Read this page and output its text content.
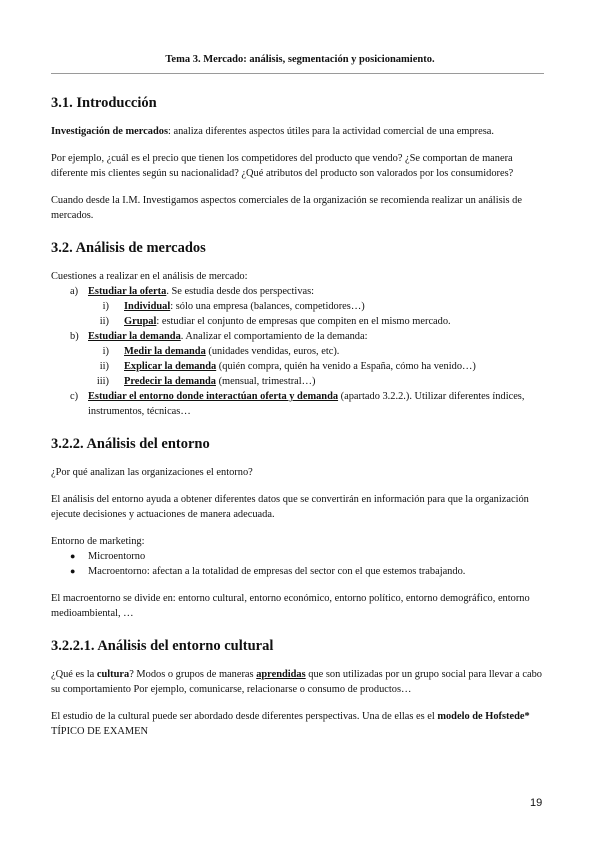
Tema 3. Mercado: análisis, segmentación y posicionamiento.
3.1. Introducción

Investigación de mercados: analiza diferentes aspectos útiles para la actividad comercial de una empresa.

Por ejemplo, ¿cuál es el precio que tienen los competidores del producto que vendo? ¿Se comportan de manera diferente mis clientes según su nacionalidad? ¿Qué atributos del producto son valorados por los consumidores?

Cuando desde la I.M. Investigamos aspectos comerciales de la organización se recomienda realizar un análisis de mercados.

3.2. Análisis de mercados

Cuestiones a realizar en el análisis de mercado:

a) Estudiar la oferta. Se estudia desde dos perspectivas:
i) Individual: sólo una empresa (balances, competidores…)
ii) Grupal: estudiar el conjunto de empresas que compiten en el mismo mercado.
b) Estudiar la demanda. Analizar el comportamiento de la demanda:
i) Medir la demanda (unidades vendidas, euros, etc).
ii) Explicar la demanda (quién compra, quién ha venido a España, cómo ha venido…)
iii) Predecir la demanda (mensual, trimestral…)
c) Estudiar el entorno donde interactúan oferta y demanda (apartado 3.2.2.). Utilizar diferentes índices, instrumentos, técnicas…
3.2.2. Análisis del entorno

¿Por qué analizan las organizaciones el entorno?

El análisis del entorno ayuda a obtener diferentes datos que se convertirán en información para que la organización ejecute decisiones y actuaciones de manera adecuada.

Entorno de marketing:

● Microentorno
● Macroentorno: afectan a la totalidad de empresas del sector con el que estemos trabajando.

El macroentorno se divide en: entorno cultural, entorno económico, entorno político, entorno demográfico, entorno medioambiental, …

3.2.2.1. Análisis del entorno cultural

¿Qué es la cultura? Modos o grupos de maneras aprendidas que son utilizadas por un grupo social para llevar a cabo su comportamiento Por ejemplo, comunicarse, relacionarse o consumo de productos…

El estudio de la cultural puede ser abordado desde diferentes perspectivas. Una de ellas es el modelo de Hofstede* TÍPICO DE EXAMEN

19
